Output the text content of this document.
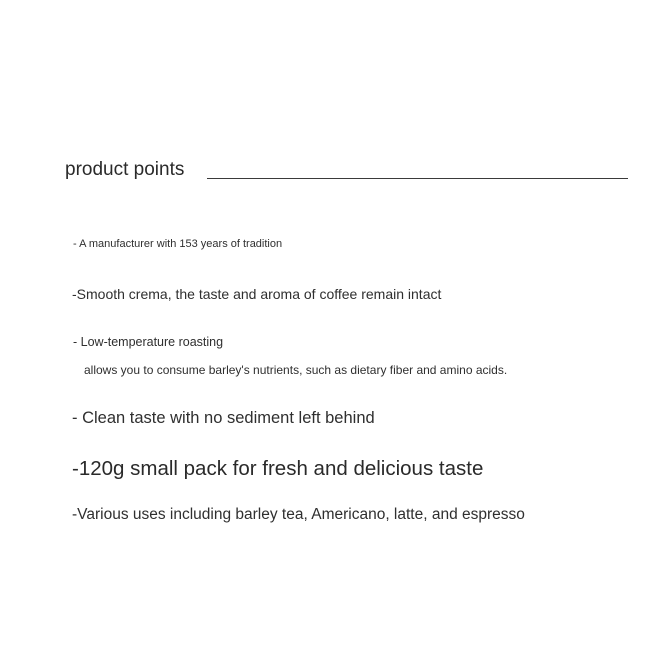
product points
- A manufacturer with 153 years of tradition
-Smooth crema, the taste and aroma of coffee remain intact
- Low-temperature roasting
allows you to consume barley's nutrients, such as dietary fiber and amino acids.
- Clean taste with no sediment left behind
-120g small pack for fresh and delicious taste
-Various uses including barley tea, Americano, latte, and espresso
